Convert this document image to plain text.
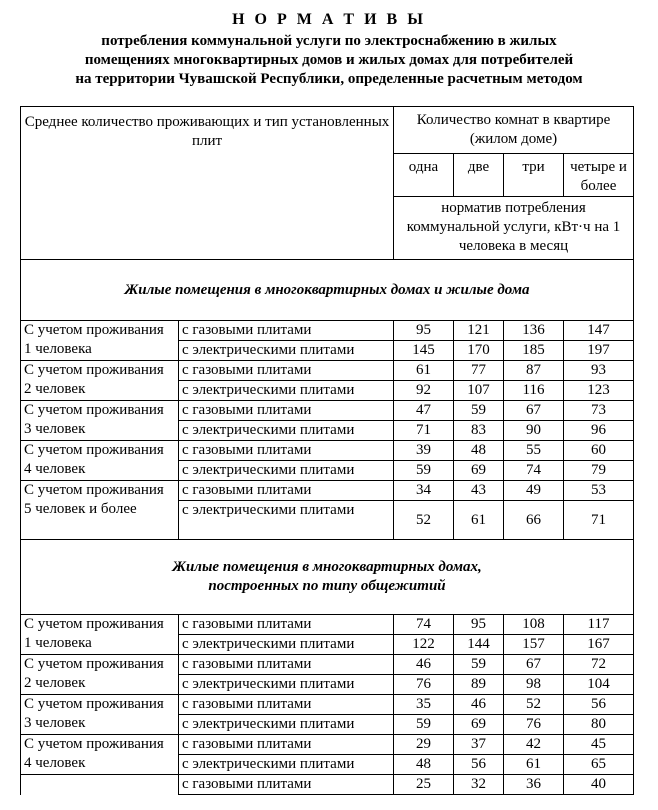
Н О Р М А Т И В Ы
потребления коммунальной услуги по электроснабжению в жилых
помещениях многоквартирных домов и жилых домах для потребителей
на территории Чувашской Республики, определенные расчетным методом
Среднее количество проживающих и тип установленных плит		Количество комнат в квартире (жилом доме)			
		одна	две	три	четыре и более
		норматив потребления коммунальной услуги, кВт·ч на 1 человека в месяц			
Жилые помещения в многоквартирных домах и жилые дома					
С учетом проживания 1 человека	с газовыми плитами	95	121	136	147
	с электрическими плитами	145	170	185	197
С учетом проживания 2 человек	с газовыми плитами	61	77	87	93
	с электрическими плитами	92	107	116	123
С учетом проживания 3 человек	с газовыми плитами	47	59	67	73
	с электрическими плитами	71	83	90	96
С учетом проживания 4 человек	с газовыми плитами	39	48	55	60
	с электрическими плитами	59	69	74	79
С учетом проживания 5 человек и более	с газовыми плитами	34	43	49	53
	с электрическими плитами	52	61	66	71

Жилые помещения в многоквартирных домах,
построенных по типу общежитий					

С учетом проживания 1 человека	с газовыми плитами	74	95	108	117
	с электрическими плитами	122	144	157	167
С учетом проживания 2 человек	с газовыми плитами	46	59	67	72
	с электрическими плитами	76	89	98	104
С учетом проживания 3 человек	с газовыми плитами	35	46	52	56
	с электрическими плитами	59	69	76	80
С учетом проживания 4 человек	с газовыми плитами	29	37	42	45
	с электрическими плитами	48	56	61	65
	с газовыми плитами	25	32	36	40
